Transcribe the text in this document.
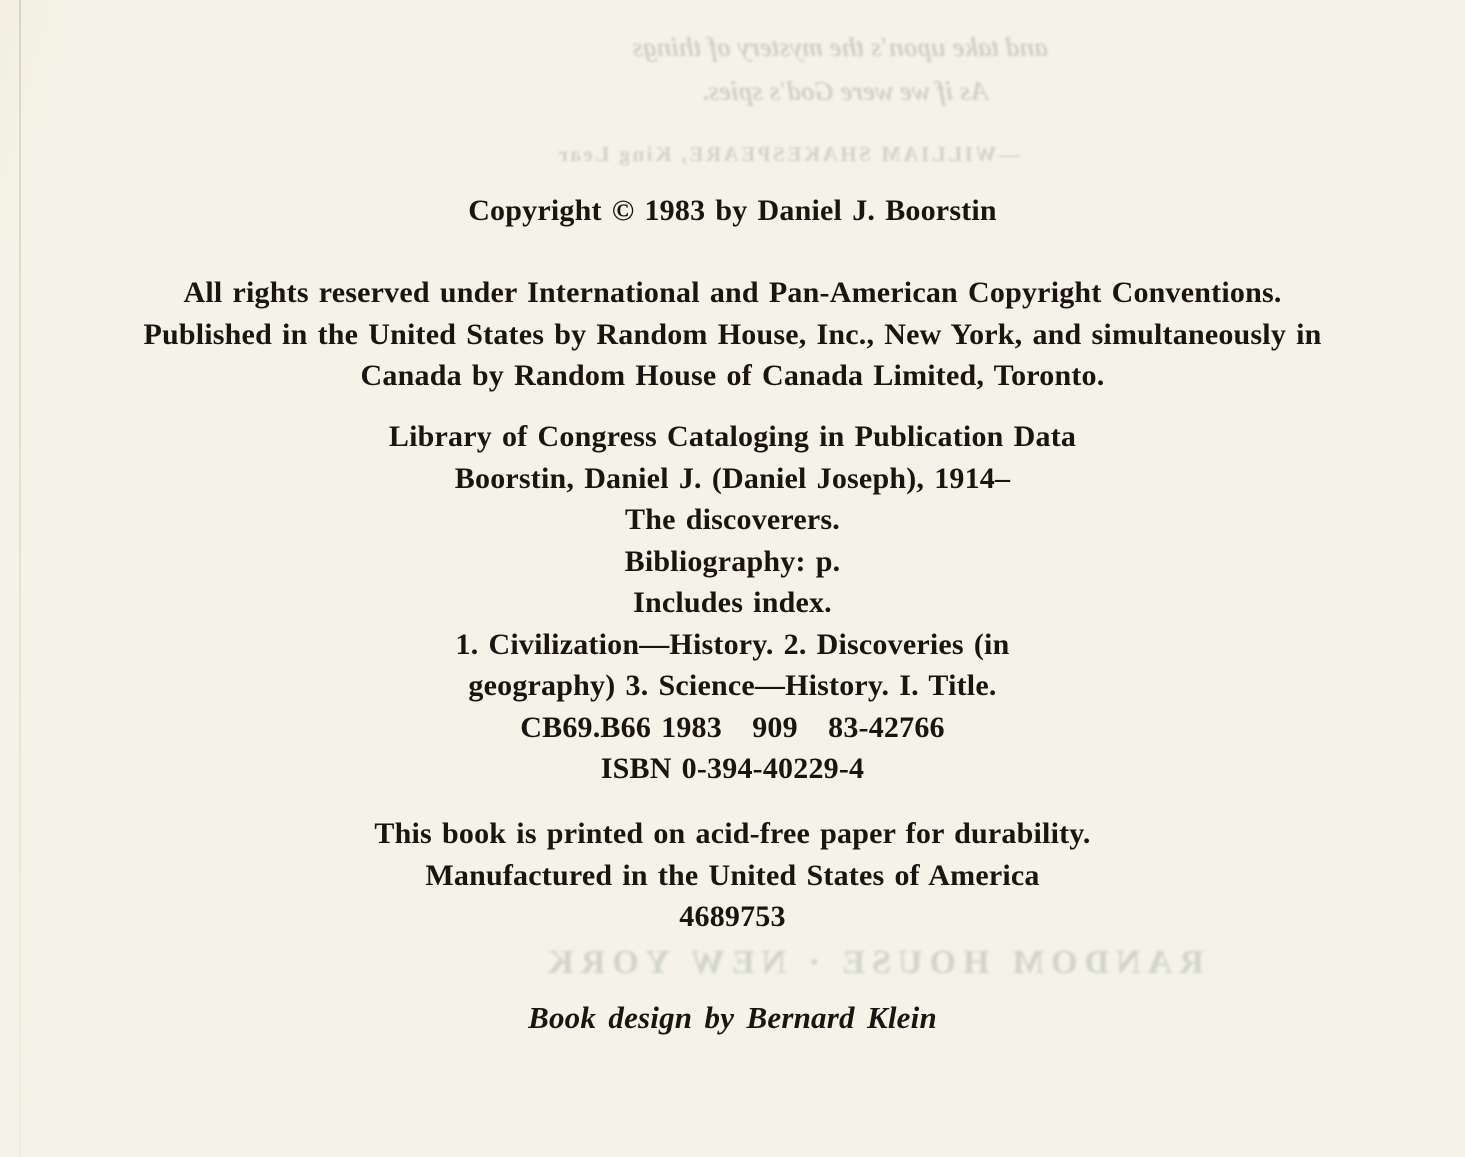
and take upon's the mystery of things
As if we were God's spies.
—WILLIAM SHAKESPEARE, King Lear
RANDOM HOUSE · NEW YORK
Copyright © 1983 by Daniel J. Boorstin
All rights reserved under International and Pan-American Copyright Conventions.
Published in the United States by Random House, Inc., New York, and simultaneously in
Canada by Random House of Canada Limited, Toronto.
Library of Congress Cataloging in Publication Data
Boorstin, Daniel J. (Daniel Joseph), 1914–
The discoverers.
Bibliography: p.
Includes index.
1. Civilization—History. 2. Discoveries (in
geography) 3. Science—History. I. Title.
CB69.B66 1983   909   83-42766
ISBN 0-394-40229-4
This book is printed on acid-free paper for durability.
Manufactured in the United States of America
4689753
Book design by Bernard Klein
